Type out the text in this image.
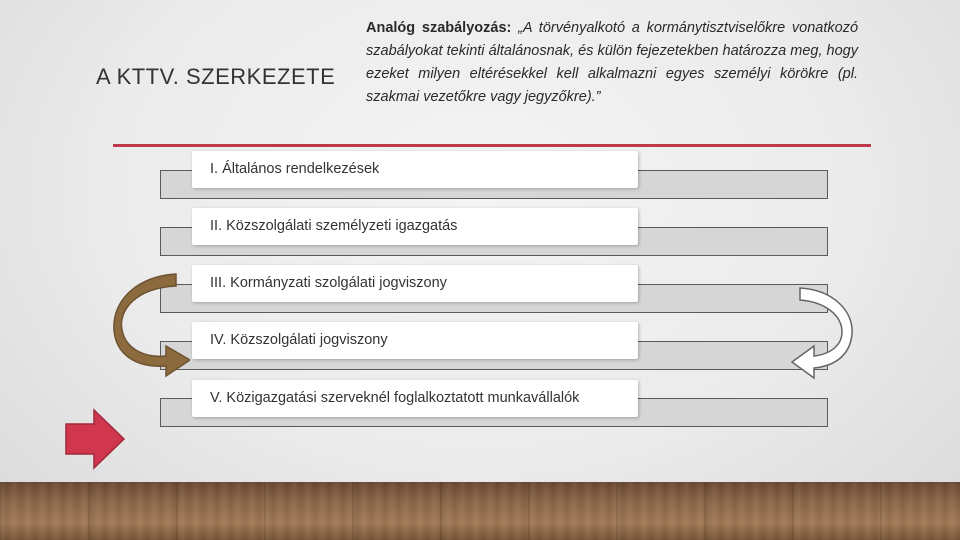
A KTTV. SZERKEZETE
Analóg szabályozás: „A törvényalkotó a kormánytisztviselőkre vonatkozó szabályokat tekinti általánosnak, és külön fejezetekben határozza meg, hogy ezeket milyen eltérésekkel kell alkalmazni egyes személyi körökre (pl. szakmai vezetőkre vagy jegyzőkre).”
I. Általános rendelkezések
II. Közszolgálati személyzeti igazgatás
III. Kormányzati szolgálati jogviszony
IV. Közszolgálati jogviszony
V. Közigazgatási szerveknél foglalkoztatott munkavállalók
